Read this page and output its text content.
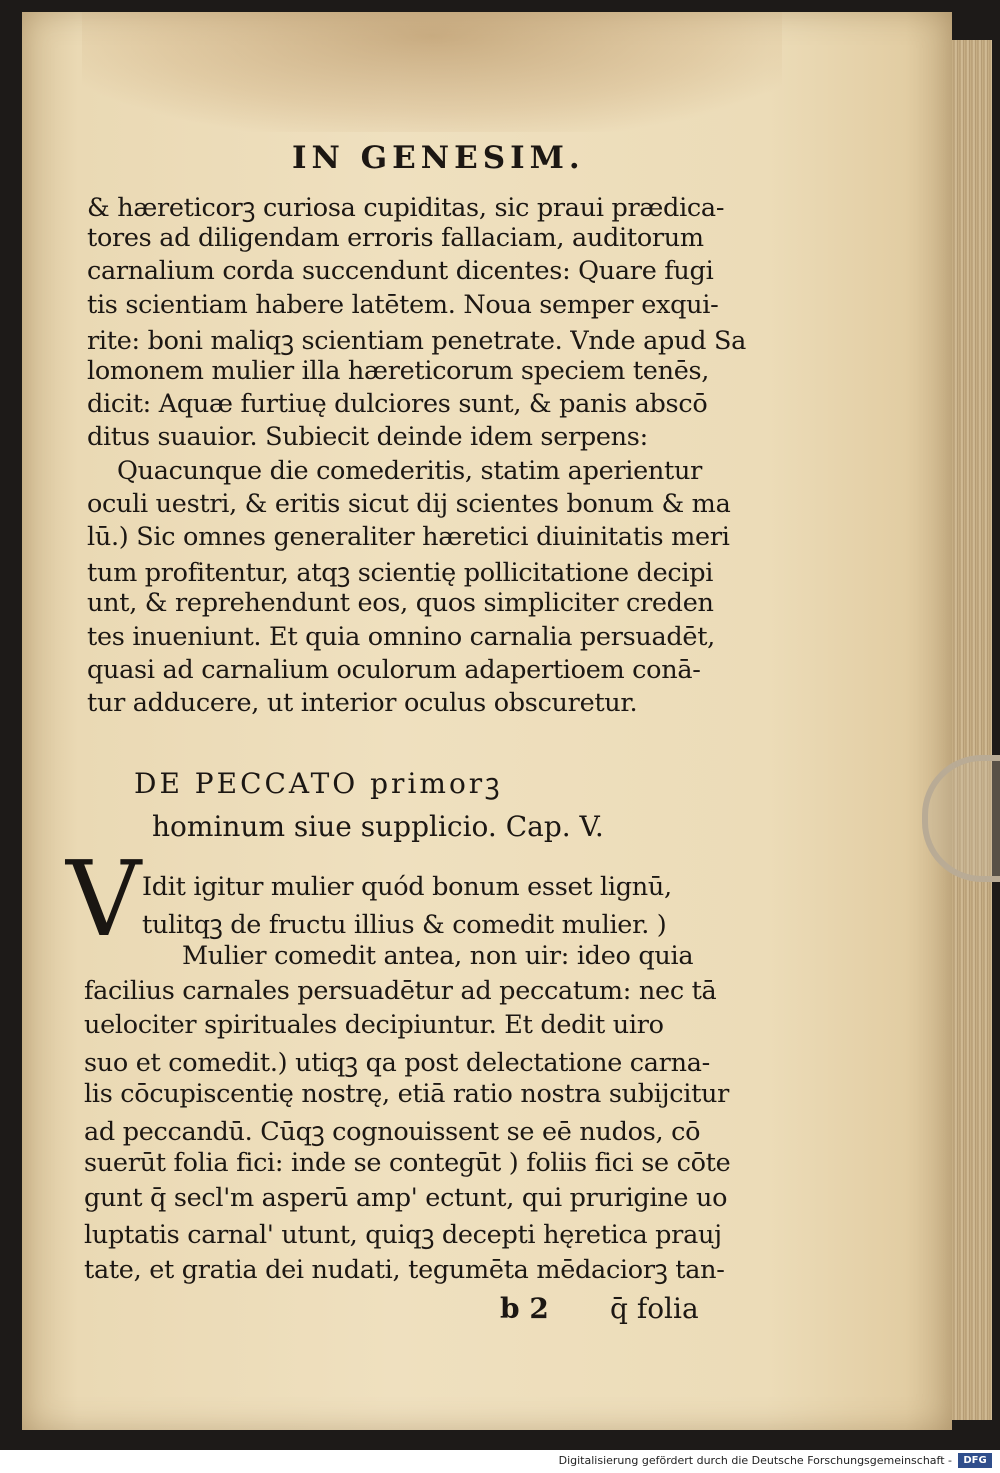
IN GENESIM.
& hæreticorꝫ curiosa cupiditas, sic praui prædica-
tores ad diligendam erroris fallaciam, auditorum
carnalium corda succendunt dicentes: Quare fugi
tis scientiam habere latētem. Noua semper exqui-
rite: boni maliqꝫ scientiam penetrate. Vnde apud Sa
lomonem mulier illa hæreticorum speciem tenēs,
dicit: Aquæ furtiuę dulciores sunt, & panis abscō
ditus suauior. Subiecit deinde idem serpens:
Quacunque die comederitis, statim aperientur
oculi uestri, & eritis sicut dij scientes bonum & ma
lū.) Sic omnes generaliter hæretici diuinitatis meri
tum profitentur, atqꝫ scientię pollicitatione decipi
unt, & reprehendunt eos, quos simpliciter creden
tes inueniunt. Et quia omnino carnalia persuadēt,
quasi ad carnalium oculorum adapertioem conā-
tur adducere, ut interior oculus obscuretur.
DE PECCATO primorꝫ
hominum siue supplicio. Cap. V.
V Idit igitur mulier quód bonum esset lignū,
tulitqꝫ de fructu illius & comedit mulier. )
Mulier comedit antea, non uir: ideo quia
facilius carnales persuadētur ad peccatum: nec tā
uelociter spirituales decipiuntur. Et dedit uiro
suo et comedit.) utiqꝫ qa post delectatione carna-
lis cōcupiscentię nostrę, etiā ratio nostra subijcitur
ad peccandū. Cūqꝫ cognouissent se eē nudos, cō
suerūt folia fici: inde se contegūt ) foliis fici se cōte
gunt q̄ secl'm asperū amp' ectunt, qui prurigine uo
luptatis carnal' utunt, quiqꝫ decepti hęretica prauj
tate, et gratia dei nudati, tegumēta mēdaciorꝫ tan-
b 2 q̄ folia
Digitalisierung gefördert durch die Deutsche Forschungsgemeinschaft -	DFG
